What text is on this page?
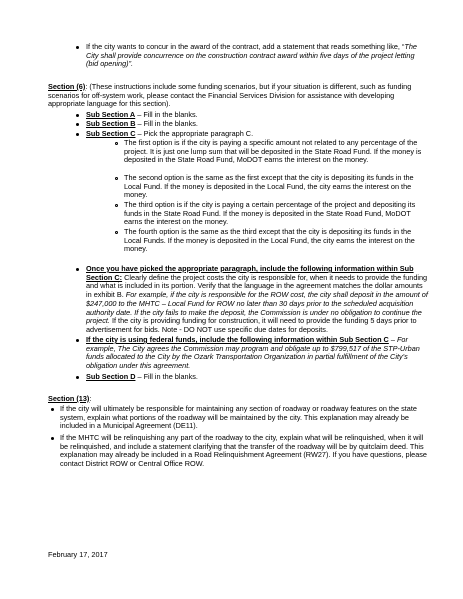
If the city wants to concur in the award of the contract, add a statement that reads something like, “The City shall provide concurrence on the construction contract award within five days of the project letting (bid opening)”.
Section (6): (These instructions include some funding scenarios, but if your situation is different, such as funding scenarios for off-system work, please contact the Financial Services Division for assistance with developing appropriate language for this section).
Sub Section A – Fill in the blanks.
Sub Section B – Fill in the blanks.
Sub Section C – Pick the appropriate paragraph C.
The first option is if the city is paying a specific amount not related to any percentage of the project. It is just one lump sum that will be deposited in the State Road Fund. If the money is deposited in the State Road Fund, MoDOT earns the interest on the money.
The second option is the same as the first except that the city is depositing its funds in the Local Fund. If the money is deposited in the Local Fund, the city earns the interest on the money.
The third option is if the city is paying a certain percentage of the project and depositing its funds in the State Road Fund. If the money is deposited in the State Road Fund, MoDOT earns the interest on the money.
The fourth option is the same as the third except that the city is depositing its funds in the Local Funds. If the money is deposited in the Local Fund, the city earns the interest on the money.
Once you have picked the appropriate paragraph, include the following information within Sub Section C: Clearly define the project costs the city is responsible for, when it needs to provide the funding and what is included in its portion. Verify that the language in the agreement matches the dollar amounts in exhibit B. For example, if the city is responsible for the ROW cost, the city shall deposit in the amount of $247,000 to the MHTC – Local Fund for ROW no later than 30 days prior to the scheduled acquisition authority date. If the city fails to make the deposit, the Commission is under no obligation to continue the project. If the city is providing funding for construction, it will need to provide the funding 5 days prior to advertisement for bids. Note - DO NOT use specific due dates for deposits.
If the city is using federal funds, include the following information within Sub Section C – For example, The City agrees the Commission may program and obligate up to $799,517 of the STP-Urban funds allocated to the City by the Ozark Transportation Organization in partial fulfillment of the City’s obligation under this agreement.
Sub Section D – Fill in the blanks.
Section (13):
If the city will ultimately be responsible for maintaining any section of roadway or roadway features on the state system, explain what portions of the roadway will be maintained by the city. This explanation may already be included in a Municipal Agreement (DE11).
If the MHTC will be relinquishing any part of the roadway to the city, explain what will be relinquished, when it will be relinquished, and include a statement clarifying that the transfer of the roadway will be by quitclaim deed. This explanation may already be included in a Road Relinquishment Agreement (RW27). If you have questions, please contact District ROW or Central Office ROW.
February 17, 2017
